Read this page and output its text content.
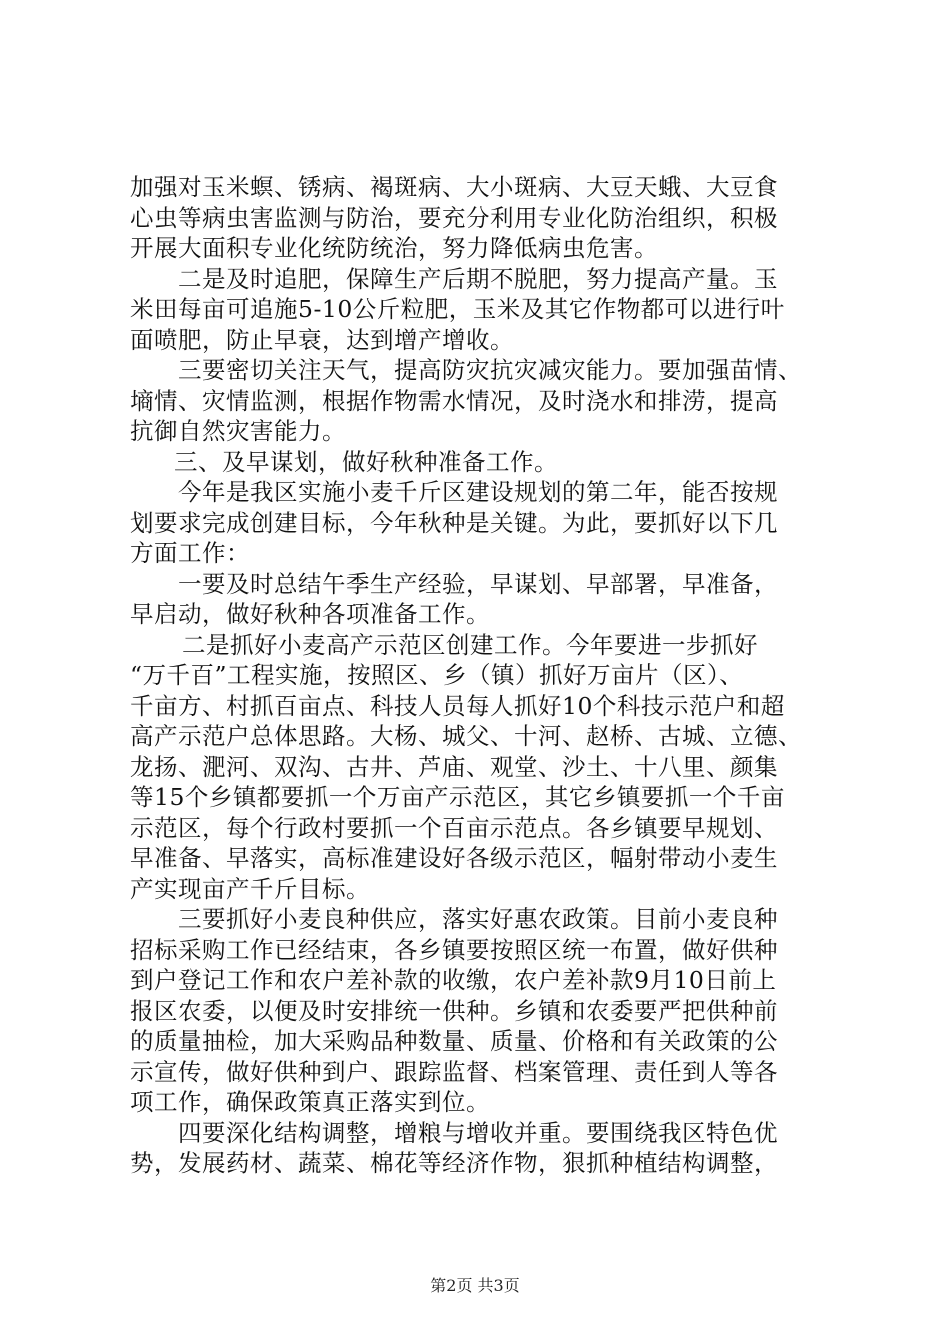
加强对玉米螟、锈病、褐斑病、大小斑病、大豆天蛾、大豆食
心虫等病虫害监测与防治，要充分利用专业化防治组织，积极
开展大面积专业化统防统治，努力降低病虫危害。
二是及时追肥，保障生产后期不脱肥，努力提高产量。玉
米田每亩可追施5-10公斤粒肥，玉米及其它作物都可以进行叶
面喷肥，防止早衰，达到增产增收。
三要密切关注天气，提高防灾抗灾减灾能力。要加强苗情、
墒情、灾情监测，根据作物需水情况，及时浇水和排涝，提高
抗御自然灾害能力。
三、及早谋划，做好秋种准备工作。
今年是我区实施小麦千斤区建设规划的第二年，能否按规
划要求完成创建目标，今年秋种是关键。为此，要抓好以下几
方面工作：
一要及时总结午季生产经验，早谋划、早部署，早准备，
早启动，做好秋种各项准备工作。
二是抓好小麦高产示范区创建工作。今年要进一步抓好
“万千百”工程实施，按照区、乡（镇）抓好万亩片（区）、
千亩方、村抓百亩点、科技人员每人抓好10个科技示范户和超
高产示范户总体思路。大杨、城父、十河、赵桥、古城、立德、
龙扬、淝河、双沟、古井、芦庙、观堂、沙土、十八里、颜集
等15个乡镇都要抓一个万亩产示范区，其它乡镇要抓一个千亩
示范区，每个行政村要抓一个百亩示范点。各乡镇要早规划、
早准备、早落实，高标准建设好各级示范区，幅射带动小麦生
产实现亩产千斤目标。
三要抓好小麦良种供应，落实好惠农政策。目前小麦良种
招标采购工作已经结束，各乡镇要按照区统一布置，做好供种
到户登记工作和农户差补款的收缴，农户差补款9月10日前上
报区农委，以便及时安排统一供种。乡镇和农委要严把供种前
的质量抽检，加大采购品种数量、质量、价格和有关政策的公
示宣传，做好供种到户、跟踪监督、档案管理、责任到人等各
项工作，确保政策真正落实到位。
四要深化结构调整，增粮与增收并重。要围绕我区特色优
势，发展药材、蔬菜、棉花等经济作物，狠抓种植结构调整，
第2页 共3页
